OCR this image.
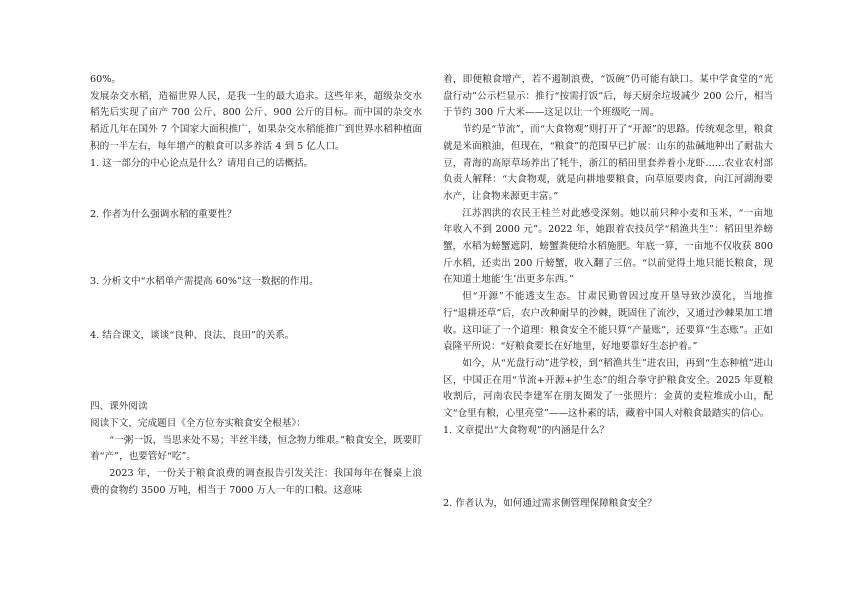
60%。

发展杂交水稻，造福世界人民，是我一生的最大追求。这些年来，超级杂交水稻先后实现了亩产 700 公斤、800 公斤、900 公斤的目标。而中国的杂交水稻近几年在国外 7 个国家大面积推广，如果杂交水稻能推广到世界水稻种植面积的一半左右，每年增产的粮食可以多养活 4 到 5 亿人口。

1. 这一部分的中心论点是什么？请用自己的话概括。

2. 作者为什么强调水稻的重要性？

3. 分析文中“水稻单产需提高 60%”这一数据的作用。

4. 结合课文，谈谈“良种、良法、良田”的关系。

四、课外阅读

阅读下文，完成题目《全方位夯实粮食安全根基》：

“一粥一饭，当思来处不易；半丝半缕，恒念物力维艰。”粮食安全，既要盯着“产”，也要管好“吃”。

2023 年，一份关于粮食浪费的调查报告引发关注：我国每年在餐桌上浪费的食物约 3500 万吨，相当于 7000 万人一年的口粮。这意味

着，即便粮食增产，若不遏制浪费，“饭碗”仍可能有缺口。某中学食堂的“光盘行动”公示栏显示：推行“按需打饭”后，每天厨余垃圾减少 200 公斤，相当于节约 300 斤大米——这足以让一个班级吃一周。

节约是“节流”，而“大食物观”则打开了“开源”的思路。传统观念里，粮食就是米面粮油，但现在，“粮食”的范围早已扩展：山东的盐碱地种出了耐盐大豆，青海的高原草场养出了牦牛，浙江的稻田里套养着小龙虾……农业农村部负责人解释：“大食物观，就是向耕地要粮食，向草原要肉食，向江河湖海要水产，让食物来源更丰富。”

江苏泗洪的农民王桂兰对此感受深刻。她以前只种小麦和玉米，“一亩地年收入不到 2000 元”。2022 年，她跟着农技员学“稻渔共生”：稻田里养螃蟹，水稻为螃蟹遮阴，螃蟹粪便给水稻施肥。年底一算，一亩地不仅收获 800 斤水稻，还卖出 200 斤螃蟹，收入翻了三倍。“以前觉得土地只能长粮食，现在知道土地能‘生’出更多东西。”

但“开源”不能透支生态。甘肃民勤曾因过度开垦导致沙漠化，当地推行“退耕还草”后，农户改种耐旱的沙棘，既固住了流沙，又通过沙棘果加工增收。这印证了一个道理：粮食安全不能只算“产量账”，还要算“生态账”。正如袁隆平所说：“好粮食要长在好地里，好地要靠好生态护着。”

如今，从“光盘行动”进学校，到“稻渔共生”进农田，再到“生态种植”进山区，中国正在用“节流+开源+护生态”的组合拳守护粮食安全。2025 年夏粮收割后，河南农民李建军在朋友圈发了一张照片：金黄的麦粒堆成小山，配文“仓里有粮，心里亮堂”——这朴素的话，藏着中国人对粮食最踏实的信心。

1. 文章提出“大食物观”的内涵是什么？

2. 作者认为，如何通过需求侧管理保障粮食安全？
